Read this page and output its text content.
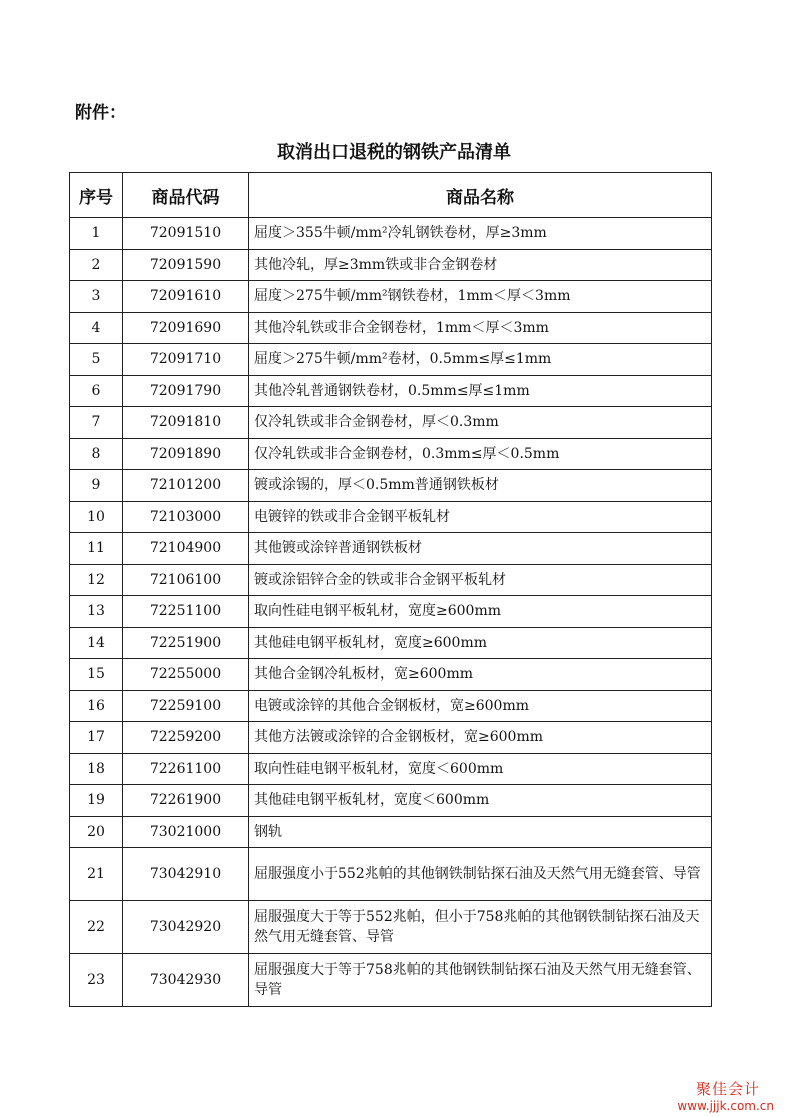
附件：
取消出口退税的钢铁产品清单
序号	商品代码	商品名称
1	72091510	屈度＞355牛顿/mm²冷轧钢铁卷材，厚≥3mm
2	72091590	其他冷轧，厚≥3mm铁或非合金钢卷材
3	72091610	屈度＞275牛顿/mm²钢铁卷材，1mm＜厚＜3mm
4	72091690	其他冷轧铁或非合金钢卷材，1mm＜厚＜3mm
5	72091710	屈度＞275牛顿/mm²卷材，0.5mm≤厚≤1mm
6	72091790	其他冷轧普通钢铁卷材，0.5mm≤厚≤1mm
7	72091810	仅冷轧铁或非合金钢卷材，厚＜0.3mm
8	72091890	仅冷轧铁或非合金钢卷材，0.3mm≤厚＜0.5mm
9	72101200	镀或涂锡的，厚＜0.5mm普通钢铁板材
10	72103000	电镀锌的铁或非合金钢平板轧材
11	72104900	其他镀或涂锌普通钢铁板材
12	72106100	镀或涂铝锌合金的铁或非合金钢平板轧材
13	72251100	取向性硅电钢平板轧材，宽度≥600mm
14	72251900	其他硅电钢平板轧材，宽度≥600mm
15	72255000	其他合金钢冷轧板材，宽≥600mm
16	72259100	电镀或涂锌的其他合金钢板材，宽≥600mm
17	72259200	其他方法镀或涂锌的合金钢板材，宽≥600mm
18	72261100	取向性硅电钢平板轧材，宽度＜600mm
19	72261900	其他硅电钢平板轧材，宽度＜600mm
20	73021000	钢轨
21	73042910	屈服强度小于552兆帕的其他钢铁制钻探石油及天然气用无缝套管、导管
22	73042920	屈服强度大于等于552兆帕，但小于758兆帕的其他钢铁制钻探石油及天然气用无缝套管、导管
23	73042930	屈服强度大于等于758兆帕的其他钢铁制钻探石油及天然气用无缝套管、导管
聚佳会计
www.jjjk.com.cn
